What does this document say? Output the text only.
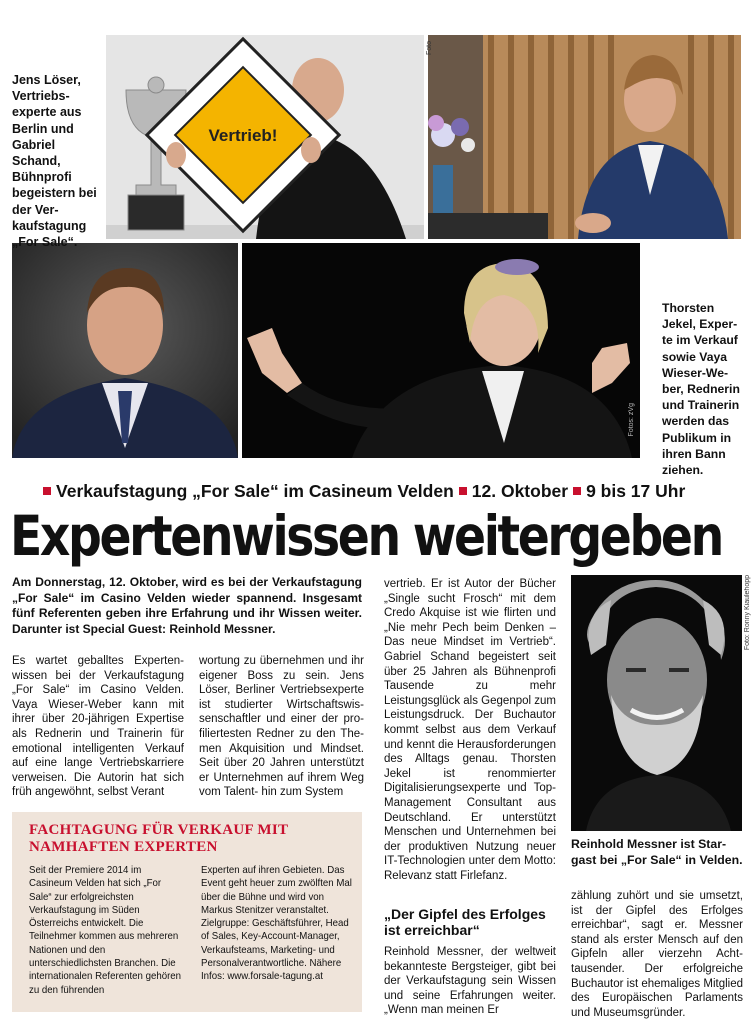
Vertrieb!
Foto
Fotos: zVg
Foto: Ronny Kiaulehopp
Jens Löser, Vertriebsexperte aus Berlin und Gabriel Schand, Bühnprofi begeistern bei der Verkaufstagung „For Sale“.
Thorsten Jekel, Experte im Verkauf sowie Vaya Wieser-Weber, Rednerin und Trainerin werden das Publikum in ihren Bann ziehen.
Verkaufstagung „For Sale“ im Casineum Velden 12. Oktober 9 bis 17 Uhr
Expertenwissen weitergeben
Am Donnerstag, 12. Oktober, wird es bei der Verkaufstagung „For Sale“ im Casino Velden wieder spannend. Insgesamt fünf Referenten geben ihre Erfahrung und ihr Wissen weiter. Darunter ist Special Guest: Reinhold Messner.
Es wartet geballtes Expertenwissen bei der Verkaufstagung „For Sale“ im Casino Velden. Vaya Wieser-Weber kann mit ihrer über 20-jährigen Expertise als Rednerin und Trainerin für emotional intelligenten Verkauf auf eine lange Vertriebskarriere verweisen. Die Autorin hat sich früh angewöhnt, selbst Verant
wortung zu übernehmen und ihr eigener Boss zu sein. Jens Löser, Berliner Vertriebsexperte ist studierter Wirtschaftswissenschaftler und einer der profiliertesten Redner zu den Themen Akquisition und Mindset. Seit über 20 Jahren unterstützt er Unternehmen auf ihrem Weg vom Talent- hin zum System
vertrieb. Er ist Autor der Bücher „Single sucht Frosch“ mit dem Credo Akquise ist wie flirten und „Nie mehr Pech beim Denken – Das neue Mindset im Vertrieb“. Gabriel Schand begeistert seit über 25 Jahren als Bühnenprofi Tausende zu mehr Leistungsglück als Gegenpol zum Leistungsdruck. Der Buchautor kommt selbst aus dem Verkauf und kennt die Herausforderungen des Alltags genau. Thorsten Jekel ist renommierter Digitalisierungsexperte und Top-Management Consultant aus Deutschland. Er unterstützt Menschen und Unternehmen bei der produktiven Nutzung neuer IT-Technologien unter dem Motto: Relevanz statt Firlefanz.
„Der Gipfel des Erfolges ist erreichbar“
Reinhold Messner, der weltweit bekannteste Bergsteiger, gibt bei der Verkaufstagung sein Wissen und seine Erfahrungen weiter. „Wenn man meinen Er
zählung zuhört und sie umsetzt, ist der Gipfel des Erfolges erreichbar“, sagt er. Messner stand als erster Mensch auf den Gipfeln aller vierzehn Achttausender. Der erfolgreiche Buchautor ist ehemaliges Mitglied des Europäischen Parlaments und Museumsgründer.
Reinhold Messner ist Stargast bei „For Sale“ in Velden.
FACHTAGUNG FÜR VERKAUF MIT NAMHAFTEN EXPERTEN
Seit der Premiere 2014 im Casineum Velden hat sich „For Sale“ zur erfolgreichsten Verkaufstagung im Süden Österreichs entwickelt. Die Teilnehmer kommen aus mehreren Nationen und den unterschiedlichsten Branchen. Die internationalen Referenten gehören zu den führenden
Experten auf ihren Gebieten. Das Event geht heuer zum zwölften Mal über die Bühne und wird von Markus Stenitzer veranstaltet. Zielgruppe: Geschäftsführer, Head of Sales, Key-Account-Manager, Verkaufsteams, Marketing- und Personalverantwortliche. Nähere Infos: www.forsale-tagung.at
